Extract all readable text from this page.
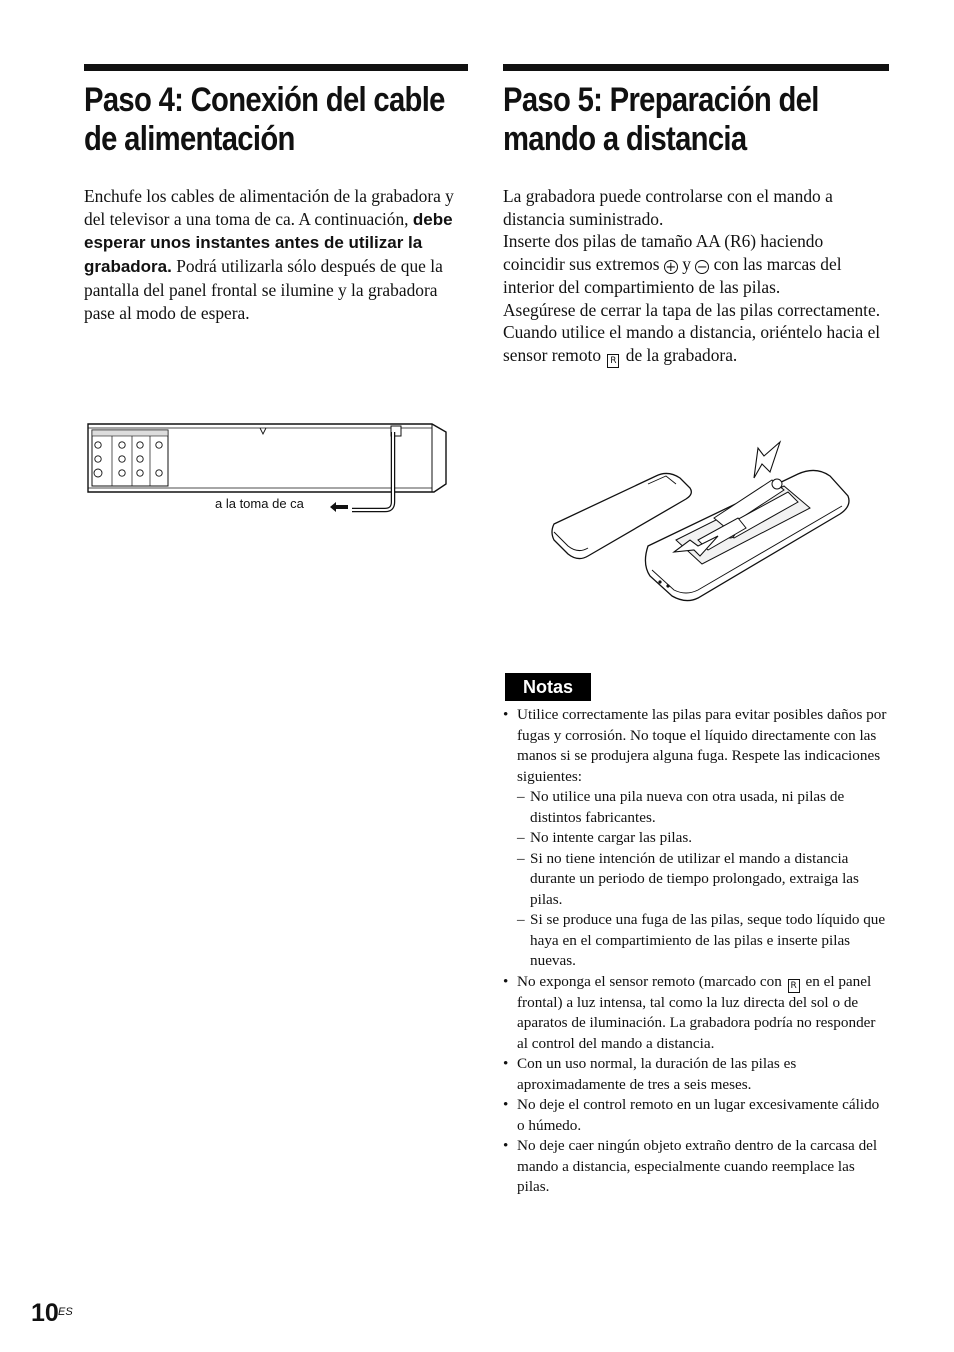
Paso 4: Conexión del cable
de alimentación

Enchufe los cables de alimentación de la grabadora y del televisor a una toma de ca. A continuación, debe esperar unos instantes antes de utilizar la grabadora. Podrá utilizarla sólo después de que la pantalla del panel frontal se ilumine y la grabadora pase al modo de espera.

a la toma de ca
Paso 5: Preparación del
mando a distancia

La grabadora puede controlarse con el mando a distancia suministrado.

Inserte dos pilas de tamaño AA (R6) haciendo coincidir sus extremos + y − con las marcas del interior del compartimiento de las pilas.

Asegúrese de cerrar la tapa de las pilas correctamente. Cuando utilice el mando a distancia, oriéntelo hacia el sensor remoto R de la grabadora.

Notas
• Utilice correctamente las pilas para evitar posibles daños por fugas y corrosión. No toque el líquido directamente con las manos si se produjera alguna fuga. Respete las indicaciones siguientes:
– No utilice una pila nueva con otra usada, ni pilas de distintos fabricantes.
– No intente cargar las pilas.
– Si no tiene intención de utilizar el mando a distancia durante un periodo de tiempo prolongado, extraiga las pilas.
– Si se produce una fuga de las pilas, seque todo líquido que haya en el compartimiento de las pilas e inserte pilas nuevas.
• No exponga el sensor remoto (marcado con R en el panel frontal) a luz intensa, tal como la luz directa del sol o de aparatos de iluminación. La grabadora podría no responder al control del mando a distancia.
• Con un uso normal, la duración de las pilas es aproximadamente de tres a seis meses.
• No deje el control remoto en un lugar excesivamente cálido o húmedo.
• No deje caer ningún objeto extraño dentro de la carcasa del mando a distancia, especialmente cuando reemplace las pilas.
10 ES
